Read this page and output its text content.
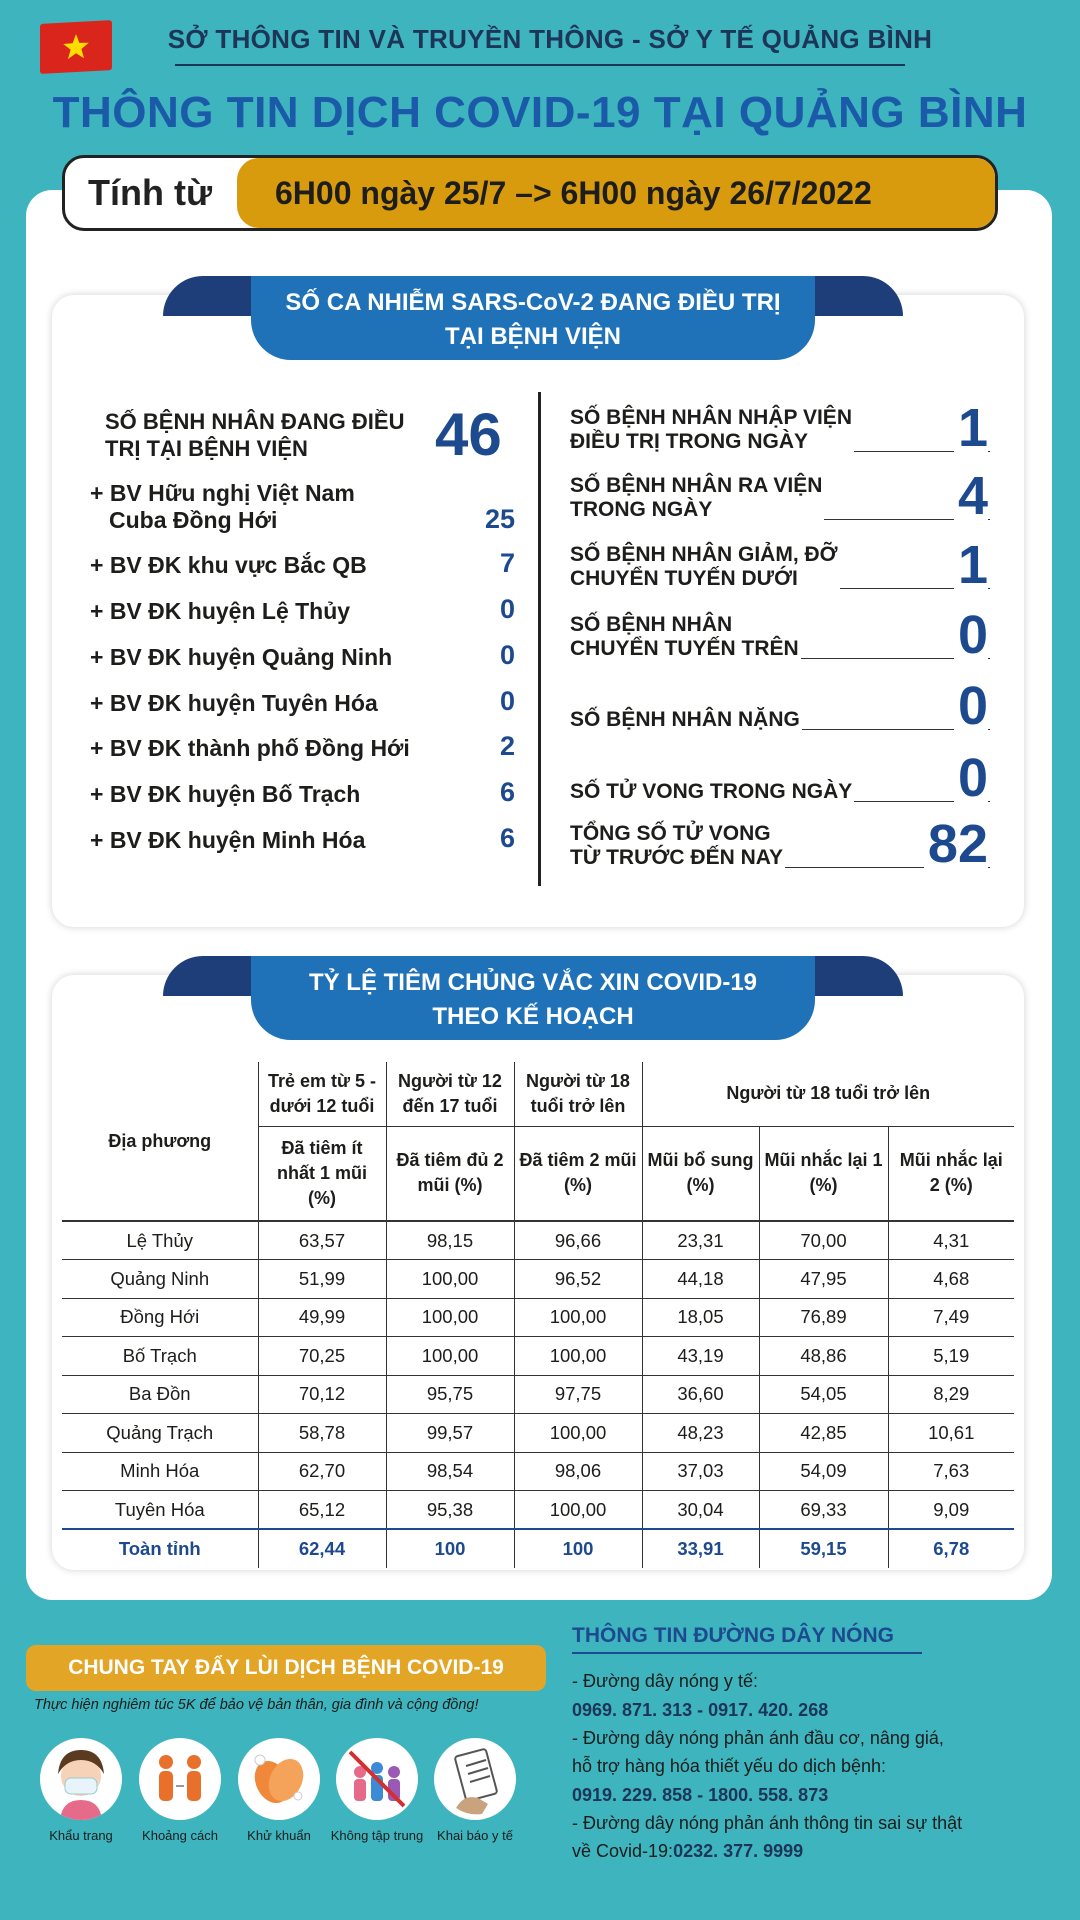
SỞ THÔNG TIN VÀ TRUYỀN THÔNG - SỞ Y TẾ QUẢNG BÌNH
THÔNG TIN DỊCH COVID-19 TẠI QUẢNG BÌNH
Tính từ	6H00 ngày 25/7 –> 6H00 ngày 26/7/2022
SỐ CA NHIỄM SARS-CoV-2 ĐANG ĐIỀU TRỊ
TẠI BỆNH VIỆN
SỐ BỆNH NHÂN ĐANG ĐIỀU TRỊ TẠI BỆNH VIỆN	46
+ BV Hữu nghị Việt Nam
Cuba Đồng Hới	25
+ BV ĐK khu vực Bắc QB	7
+ BV ĐK huyện Lệ Thủy	0
+ BV ĐK huyện Quảng Ninh	0
+ BV ĐK huyện Tuyên Hóa	0
+ BV ĐK thành phố Đồng Hới	2
+ BV ĐK huyện Bố Trạch	6
+ BV ĐK huyện Minh Hóa	6
SỐ BỆNH NHÂN NHẬP VIỆN
ĐIỀU TRỊ TRONG NGÀY	1
SỐ BỆNH NHÂN RA VIỆN
TRONG NGÀY	4
SỐ BỆNH NHÂN GIẢM, ĐỠ
CHUYỂN TUYẾN DƯỚI	1
SỐ BỆNH NHÂN
CHUYỂN TUYẾN TRÊN	0
SỐ BỆNH NHÂN NẶNG	0
SỐ TỬ VONG TRONG NGÀY 0
TỔNG SỐ TỬ VONG
TỪ TRƯỚC ĐẾN NAY	82
TỶ LỆ TIÊM CHỦNG VẮC XIN COVID-19
THEO KẾ HOẠCH
Địa phương	Trẻ em từ 5 - dưới 12 tuổi	Người từ 12 đến 17 tuổi	Người từ 18 tuổi trở lên	Người từ 18 tuổi trở lên		
	Đã tiêm ít nhất 1 mũi (%)	Đã tiêm đủ 2 mũi (%)	Đã tiêm 2 mũi (%)	Mũi bổ sung (%)	Mũi nhắc lại 1 (%)	Mũi nhắc lại 2 (%)
Lệ Thủy	63,57	98,15	96,66	23,31	70,00	4,31
Quảng Ninh	51,99	100,00	96,52	44,18	47,95	4,68
Đồng Hới	49,99	100,00	100,00	18,05	76,89	7,49
Bố Trạch	70,25	100,00	100,00	43,19	48,86	5,19
Ba Đồn	70,12	95,75	97,75	36,60	54,05	8,29
Quảng Trạch	58,78	99,57	100,00	48,23	42,85	10,61
Minh Hóa	62,70	98,54	98,06	37,03	54,09	7,63
Tuyên Hóa	65,12	95,38	100,00	30,04	69,33	9,09
Toàn tỉnh	62,44	100	100	33,91	59,15	6,78
CHUNG TAY ĐẨY LÙI DỊCH BỆNH COVID-19
Thực hiện nghiêm túc 5K để bảo vệ bản thân, gia đình và cộng đồng!
Khẩu trang	Khoảng cách	Khử khuẩn	Không tập trung	Khai báo y tế
THÔNG TIN ĐƯỜNG DÂY NÓNG
- Đường dây nóng y tế:
0969. 871. 313 - 0917. 420. 268
- Đường dây nóng phản ánh đầu cơ, nâng giá,
hỗ trợ hàng hóa thiết yếu do dịch bệnh:
0919. 229. 858 - 1800. 558. 873
- Đường dây nóng phản ánh thông tin sai sự thật
về Covid-19:0232. 377. 9999
